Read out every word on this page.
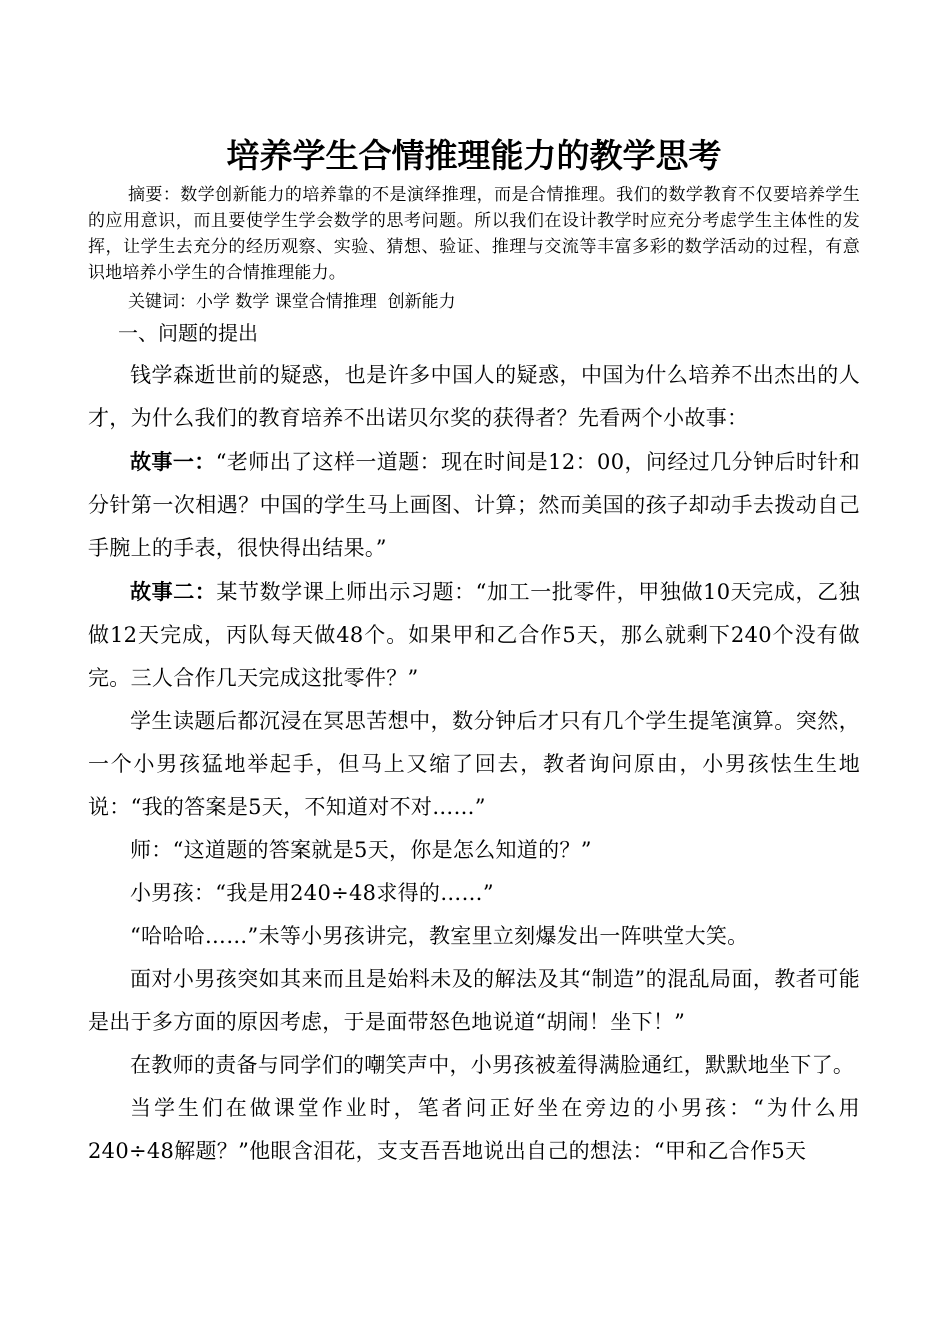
培养学生合情推理能力的教学思考

摘要：数学创新能力的培养靠的不是演绎推理，而是合情推理。我们的数学教育不仅要培养学生的应用意识，而且要使学生学会数学的思考问题。所以我们在设计教学时应充分考虑学生主体性的发挥，让学生去充分的经历观察、实验、猜想、验证、推理与交流等丰富多彩的数学活动的过程，有意识地培养小学生的合情推理能力。

关键词：小学 数学 课堂合情推理  创新能力
一、问题的提出

钱学森逝世前的疑惑，也是许多中国人的疑惑，中国为什么培养不出杰出的人才，为什么我们的教育培养不出诺贝尔奖的获得者？先看两个小故事：

故事一：“老师出了这样一道题：现在时间是12：00，问经过几分钟后时针和分针第一次相遇？中国的学生马上画图、计算；然而美国的孩子却动手去拨动自己手腕上的手表，很快得出结果。”

故事二：某节数学课上师出示习题：“加工一批零件，甲独做10天完成，乙独做12天完成，丙队每天做48个。如果甲和乙合作5天，那么就剩下240个没有做完。三人合作几天完成这批零件？”

学生读题后都沉浸在冥思苦想中，数分钟后才只有几个学生提笔演算。突然，一个小男孩猛地举起手，但马上又缩了回去，教者询问原由，小男孩怯生生地说：“我的答案是5天，不知道对不对……”

师：“这道题的答案就是5天，你是怎么知道的？”

小男孩：“我是用240÷48求得的……”

“哈哈哈……”未等小男孩讲完，教室里立刻爆发出一阵哄堂大笑。

面对小男孩突如其来而且是始料未及的解法及其“制造”的混乱局面，教者可能是出于多方面的原因考虑，于是面带怒色地说道“胡闹！坐下！”

在教师的责备与同学们的嘲笑声中，小男孩被羞得满脸通红，默默地坐下了。

当学生们在做课堂作业时，笔者问正好坐在旁边的小男孩：“为什么用240÷48解题？”他眼含泪花，支支吾吾地说出自己的想法：“甲和乙合作5天
